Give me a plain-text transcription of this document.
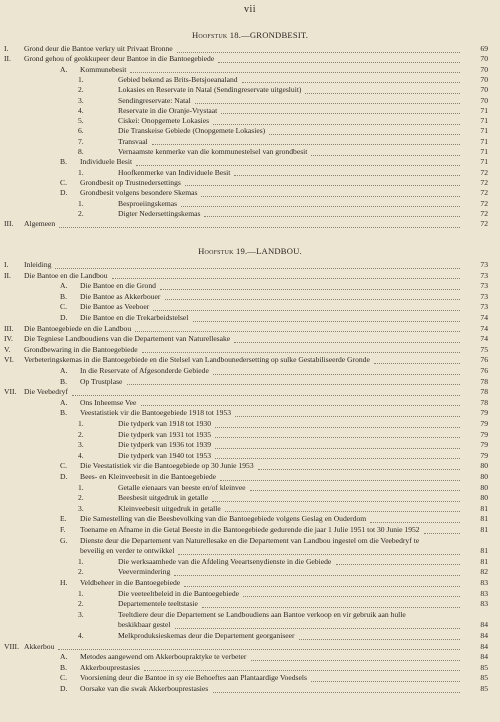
vii
Hoofstuk 18.—GRONDBESIT.
I.	Grond deur die Bantoe verkry uit Privaat Bronne	69
II.	Grond gehou of geokkupeer deur Bantoe in die Bantoegebiede	70
A.	Kommunebesit	70
1.	Gebied bekend as Brits-Betsjoeanaland	70
2.	Lokasies en Reservate in Natal (Sendingreservate uitgesluit)	70
3.	Sendingreservate: Natal	70
4.	Reservate in die Oranje-Vrystaat	71
5.	Ciskei: Onopgemete Lokasies	71
6.	Die Transkeise Gebiede (Onopgemete Lokasies)	71
7.	Transvaal	71
8.	Vernaamste kenmerke van die kommunestelsel van grondbesit	71
B.	Individuele Besit	71
1.	Hoofkenmerke van Individuele Besit	72
C.	Grondbesit op Trustnedersettings	72
D.	Grondbesit volgens besondere Skemas	72
1.	Besproeiingskemas	72
2.	Digter Nedersettingskemas	72
III.	Algemeen	72
Hoofstuk 19.—LANDBOU.
I.	Inleiding	73
II.	Die Bantoe en die Landbou	73
A.	Die Bantoe en die Grond	73
B.	Die Bantoe as Akkerbouer	73
C.	Die Bantoe as Veeboer	73
D.	Die Bantoe en die Trekarbeidstelsel	74
III.	Die Bantoegebiede en die Landbou	74
IV.	Die Tegniese Landboudiens van die Departement van Naturellesake	74
V.	Grondbewaring in die Bantoegebiede	75
VI.	Verbeteringskemas in die Bantoegebiede en die Stelsel van Landbounedersetting op sulke Gestabiliseerde Gronde	76
A.	In die Reservate of Afgesonderde Gebiede	76
B.	Op Trustplase	78
VII. Die Veebedryf	78
A.	Ons Inheemse Vee	78
B.	Veestatistiek vir die Bantoegebiede 1918 tot 1953	79
1.	Die tydperk van 1918 tot 1930	79
2.	Die tydperk van 1931 tot 1935	79
3.	Die tydperk van 1936 tot 1939	79
4.	Die tydperk van 1940 tot 1953	79
C.	Die Veestatistiek vir die Bantoegebiede op 30 Junie 1953	80
D.	Bees- en Kleinveebesit in die Bantoegebiede	80
1.	Getalle eienaars van beeste en/of kleinvee	80
2.	Beesbesit uitgedruk in getalle	80
3.	Kleinveebesit uitgedruk in getalle	81
E.	Die Samestelling van die Beesbevolking van die Bantoegebiede volgens Geslag en Ouderdom	81
F.	Toename en Afname in die Getal Beeste in die Bantoegebiede gedurende die jaar 1 Julie 1951 tot 30 Junie 1952	81
G.	Dienste deur die Departement van Naturellesake en die Departement van Landbou ingestel om die Veebedryf te
beveilig en verder te ontwikkel	81
1.	Die werksaamhede van die Afdeling Veeartsenydienste in die Gebiede	81
2.	Veevermindering	82
H.	Veldbeheer in die Bantoegebiede	83
1.	Die veeteeltbeleid in die Bantoegebiede	83
2.	Departementele teeltstasie	83
3.	Teeltdiere deur die Departement se Landboudiens aan Bantoe verkoop en vir gebruik aan hulle
beskikbaar gestel	84
4.	Melkproduksieskemas deur die Departement georganiseer	84
VIII. Akkerbou	84
A.	Metodes aangewend om Akkerboupraktyke te verbeter	84
B.	Akkerbouprestasies	85
C.	Voorsiening deur die Bantoe in sy eie Behoeftes aan Plantaardige Voedsels	85
D.	Oorsake van die swak Akkerbouprestasies	85
